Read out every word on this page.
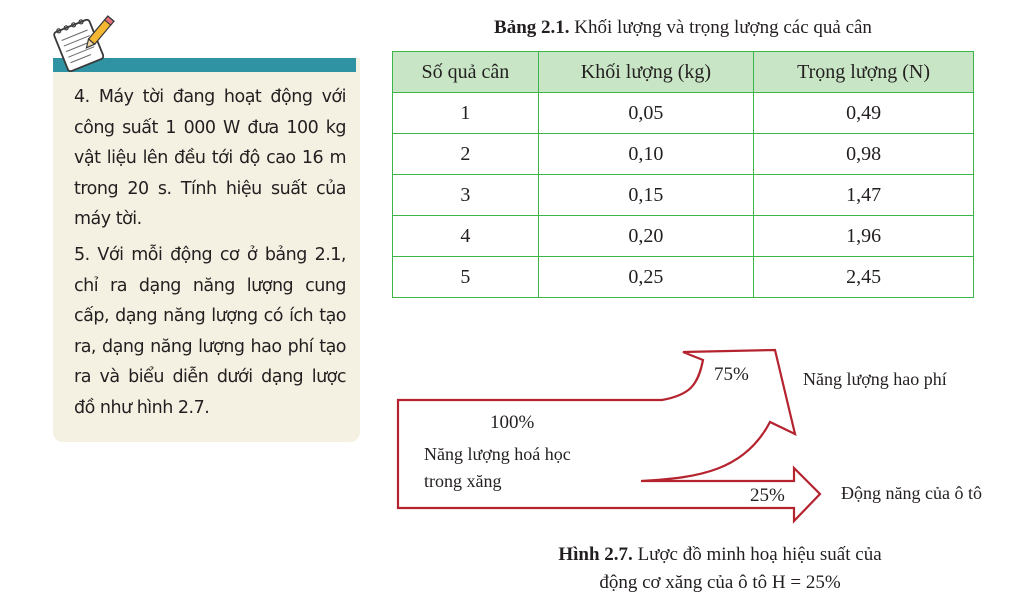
4. Máy tời đang hoạt động với công suất 1 000 W đưa 100 kg vật liệu lên đều tới độ cao 16 m trong 20 s. Tính hiệu suất của máy tời.

5. Với mỗi động cơ ở bảng 2.1, chỉ ra dạng năng lượng cung cấp, dạng năng lượng có ích tạo ra, dạng năng lượng hao phí tạo ra và biểu diễn dưới dạng lược đồ như hình 2.7.

Bảng 2.1. Khối lượng và trọng lượng các quả cân
Số quả cân	Khối lượng (kg)	Trọng lượng (N)
1	0,05	0,49
2	0,10	0,98
3	0,15	1,47
4	0,20	1,96
5	0,25	2,45
100%
Năng lượng hoá học
trong xăng
75%	Năng lượng hao phí
25%	Động năng của ô tô
Hình 2.7. Lược đồ minh hoạ hiệu suất của
động cơ xăng của ô tô H = 25%
